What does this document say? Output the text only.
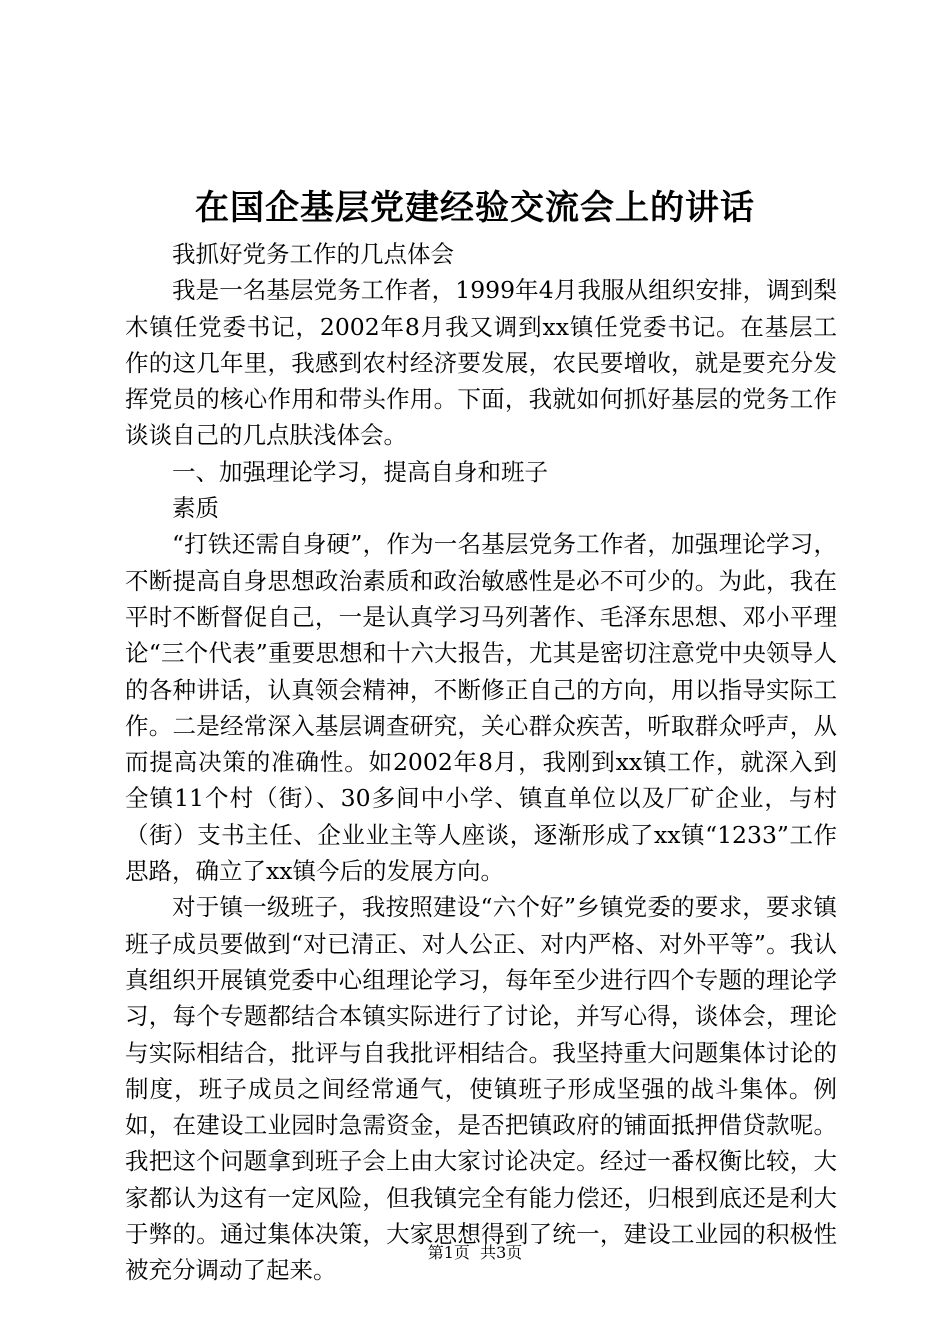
在国企基层党建经验交流会上的讲话

我抓好党务工作的几点体会

我是一名基层党务工作者，1999年4月我服从组织安排，调到梨木镇任党委书记，2002年8月我又调到xx镇任党委书记。在基层工作的这几年里，我感到农村经济要发展，农民要增收，就是要充分发挥党员的核心作用和带头作用。下面，我就如何抓好基层的党务工作谈谈自己的几点肤浅体会。

一、加强理论学习，提高自身和班子

素质

“打铁还需自身硬”，作为一名基层党务工作者，加强理论学习，不断提高自身思想政治素质和政治敏感性是必不可少的。为此，我在平时不断督促自己，一是认真学习马列著作、毛泽东思想、邓小平理论“三个代表”重要思想和十六大报告，尤其是密切注意党中央领导人的各种讲话，认真领会精神，不断修正自己的方向，用以指导实际工作。二是经常深入基层调查研究，关心群众疾苦，听取群众呼声，从而提高决策的准确性。如2002年8月，我刚到xx镇工作，就深入到全镇11个村（街）、30多间中小学、镇直单位以及厂矿企业，与村（街）支书主任、企业业主等人座谈，逐渐形成了xx镇“1233”工作思路，确立了xx镇今后的发展方向。

对于镇一级班子，我按照建设“六个好”乡镇党委的要求，要求镇班子成员要做到“对已清正、对人公正、对内严格、对外平等”。我认真组织开展镇党委中心组理论学习，每年至少进行四个专题的理论学习，每个专题都结合本镇实际进行了讨论，并写心得，谈体会，理论与实际相结合，批评与自我批评相结合。我坚持重大问题集体讨论的制度，班子成员之间经常通气，使镇班子形成坚强的战斗集体。例如，在建设工业园时急需资金，是否把镇政府的铺面抵押借贷款呢。我把这个问题拿到班子会上由大家讨论决定。经过一番权衡比较，大家都认为这有一定风险，但我镇完全有能力偿还，归根到底还是利大于弊的。通过集体决策，大家思想得到了统一，建设工业园的积极性被充分调动了起来。

第1页 共3页
